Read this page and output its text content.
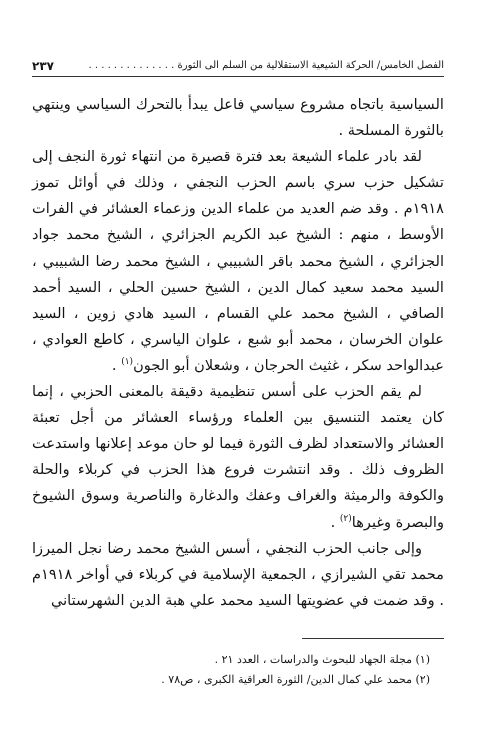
٢٣٧	الفصل الخامس/ الحركة الشيعية الاستقلالية من السلم الى الثورة . . . . . . . . . . . . . .

السياسية باتجاه مشروع سياسي فاعل يبدأ بالتحرك السياسي وينتهي بالثورة المسلحة .

لقد بادر علماء الشيعة بعد فترة قصيرة من انتهاء ثورة النجف إلى تشكيل حزب سري باسم الحزب النجفي ، وذلك في أوائل تموز ١٩١٨م . وقد ضم العديد من علماء الدين وزعماء العشائر في الفرات الأوسط ، منهم : الشيخ عبد الكريم الجزائري ، الشيخ محمد جواد الجزائري ، الشيخ محمد باقر الشبيبي ، الشيخ محمد رضا الشبيبي ، السيد محمد سعيد كمال الدين ، الشيخ حسين الحلي ، السيد أحمد الصافي ، الشيخ محمد علي القسام ، السيد هادي زوين ، السيد علوان الخرسان ، محمد أبو شبع ، علوان الياسري ، كاطع العوادي ، عبدالواحد سكر ، غثيث الحرجان ، وشعلان أبو الجون$^{(١)}$ .

لم يقم الحزب على أسس تنظيمية دقيقة بالمعنى الحزبي ، إنما كان يعتمد التنسيق بين العلماء ورؤساء العشائر من أجل تعبئة العشائر والاستعداد لظرف الثورة فيما لو حان موعد إعلانها واستدعت الظروف ذلك . وقد انتشرت فروع هذا الحزب في كربلاء والحلة والكوفة والرميثة والغراف وعفك والدغارة والناصرية وسوق الشيوخ والبصرة وغيرها$^{(٢)}$ .

وإلى جانب الحزب النجفي ، أسس الشيخ محمد رضا نجل الميرزا محمد تقي الشيرازي ، الجمعية الإسلامية في كربلاء في أواخر ١٩١٨م . وقد ضمت في عضويتها السيد محمد علي هبة الدين الشهرستاني

(١) مجلة الجهاد للبحوث والدراسات ، العدد ٢١ .

(٢) محمد علي كمال الدين/ الثورة العراقية الكبرى ، ص٧٨ .
